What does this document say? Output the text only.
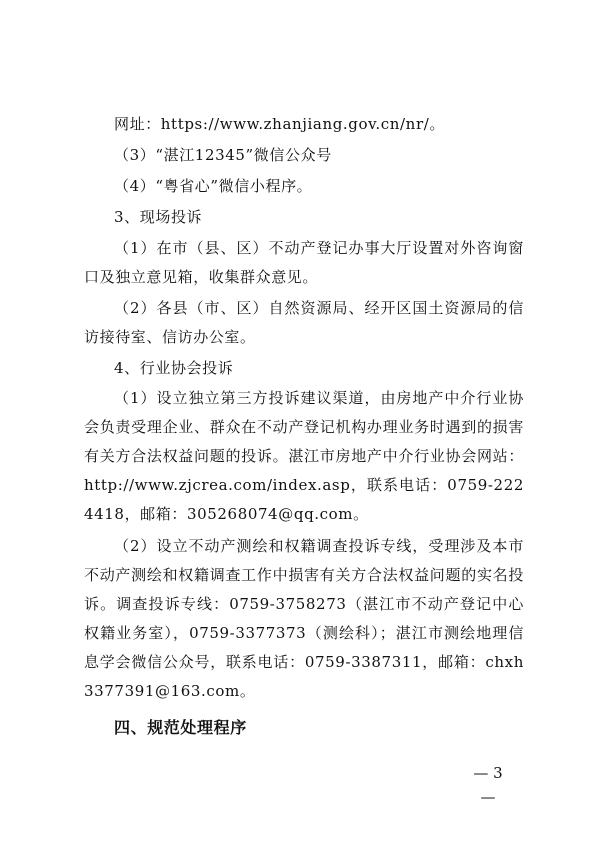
网址：https://www.zhanjiang.gov.cn/nr/。
（3）“湛江12345”微信公众号
（4）“粤省心”微信小程序。
3、现场投诉
（1）在市（县、区）不动产登记办事大厅设置对外咨询窗口及独立意见箱，收集群众意见。
（2）各县（市、区）自然资源局、经开区国土资源局的信访接待室、信访办公室。
4、行业协会投诉
（1）设立独立第三方投诉建议渠道，由房地产中介行业协会负责受理企业、群众在不动产登记机构办理业务时遇到的损害有关方合法权益问题的投诉。湛江市房地产中介行业协会网站：http://www.zjcrea.com/index.asp，联系电话：0759-2224418，邮箱：305268074@qq.com。
（2）设立不动产测绘和权籍调查投诉专线，受理涉及本市不动产测绘和权籍调查工作中损害有关方合法权益问题的实名投诉。调查投诉专线：0759-3758273（湛江市不动产登记中心权籍业务室），0759-3377373（测绘科）；湛江市测绘地理信息学会微信公众号，联系电话：0759-3387311，邮箱：chxh3377391@163.com。
四、规范处理程序
— 3 —
